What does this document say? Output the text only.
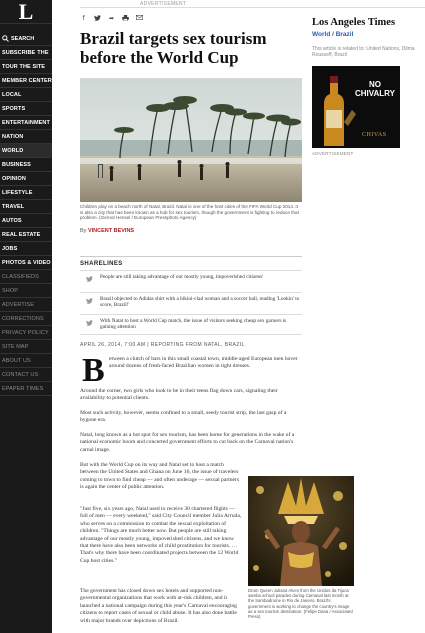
L
SEARCH
SUBSCRIBE THE
TOUR THE SITE
MEMBER CENTER
LOCAL
SPORTS
ENTERTAINMENT
NATION
WORLD
BUSINESS
OPINION
LIFESTYLE
TRAVEL
AUTOS
REAL ESTATE
JOBS
PHOTOS & VIDEO
CLASSIFIEDS
SHOP
ADVERTISE
CORRECTIONS
PRIVACY POLICY
SITE MAP
ABOUT US
CONTACT US
EPAPER TIMES
ADVERTISEMENT
f	➦
Brazil targets sex tourism before the World Cup

Children play on a beach north of Natal, Brazil. Natal is one of the host cities of the FIFA World Cup 2014. It is also a city that has been known as a hub for sex tourism, though the government is fighting to reduce that problem. (Gernot Hensel / European Pressphoto Agency)

By VINCENT BEVINS
SHARELINES
People are still taking advantage of our mostly young, impoverished citizens'
Brazil objected to Adidas shirt with a bikini-clad woman and a soccer ball, reading 'Lookin' to score, Brazil!'
With Natal to host a World Cup match, the issue of visitors seeking cheap sex garners is gaining attention
APRIL 26, 2014, 7:00 AM | REPORTING FROM NATAL, BRAZIL
B etween a clutch of bars in this small coastal town, middle-aged European men hover around dozens of fresh-faced Brazilian women in tight dresses.

Around the corner, two girls who look to be in their teens flag down cars, signaling their availability to potential clients.

Most such activity, however, seems confined to a small, seedy tourist strip, the last gasp of a bygone era.

Natal, long known as a hot spot for sex tourism, has been home for generations in the wake of a national economic boom and concerted government efforts to cut back on the Carnaval nation's carnal image.

But with the World Cup on its way and Natal set to host a match between the United States and Ghana on June 16, the issue of travelers coming to town to find cheap — and often underage — sexual partners is again the center of public attention.

"Just five, six years ago, Natal used to receive 30 chartered flights — full of men — every weekend," said City Council member Julia Arruda, who serves on a commission to combat the sexual exploitation of children. "Things are much better now. But people are still taking advantage of our mostly young, impoverished citizens, and we know that there have also been networks of child prostitution for tourists. … That's why there have been coordinated projects between the 12 World Cup host cities."

The government has closed down sex hotels and supported non-governmental organizations that work with at-risk children, and it launched a national campaign during this year's Carnaval encouraging citizens to report cases of sexual or child abuse. It has also done battle with major brands over depictions of Brazil.

Drum Queen Juliana Alves from the Unidos da Tijuca samba school parades during Carnaval last month at the Sambadrome in Rio de Janeiro. Brazil's government is working to change the country's image as a sex tourism destination. (Felipe Dana / Associated Press)

Los Angeles Times
World / Brazil
This article is related to: United Nations, Dilma Rousseff, Brazil
NO CHIVALRY
CHIVAS
ADVERTISEMENT
